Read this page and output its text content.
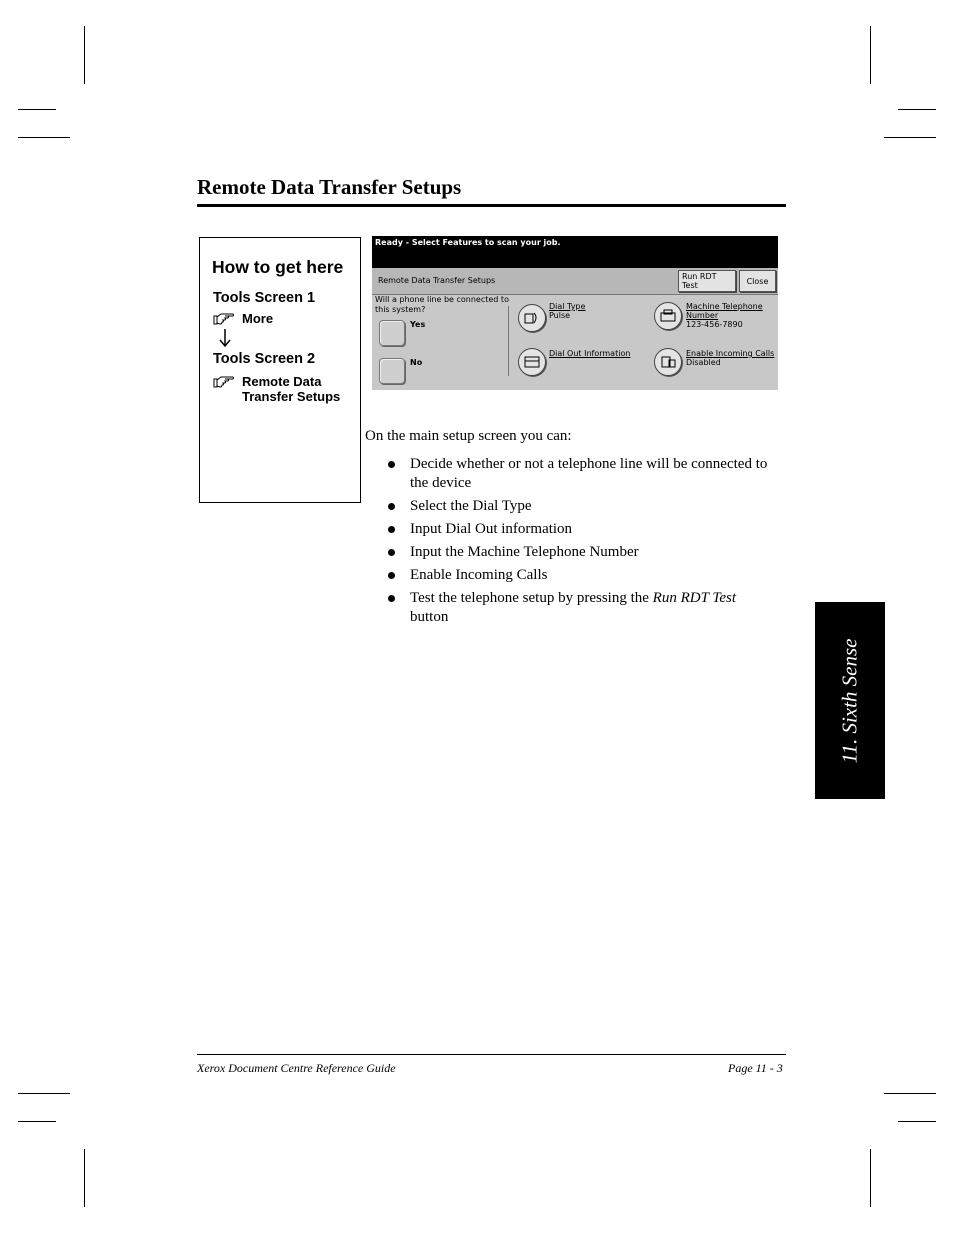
Remote Data Transfer Setups
How to get here
Tools Screen 1
More
Tools Screen 2
Remote Data
Transfer Setups
Ready - Select Features to scan your job.
Remote Data Transfer Setups	Run RDT
Test	Close
Will a phone line be connected to
this system?
Yes
No
Dial Type
Pulse
Dial Out Information
Machine Telephone
Number
123-456-7890
Enable Incoming Calls
Disabled
On the main setup screen you can:
Decide whether or not a telephone line will be connected to the device
Select the Dial Type
Input Dial Out information
Input the Machine Telephone Number
Enable Incoming Calls
Test the telephone setup by pressing the Run RDT Test
button
11. Sixth Sense
Xerox Document Centre Reference Guide	Page 11 - 3
